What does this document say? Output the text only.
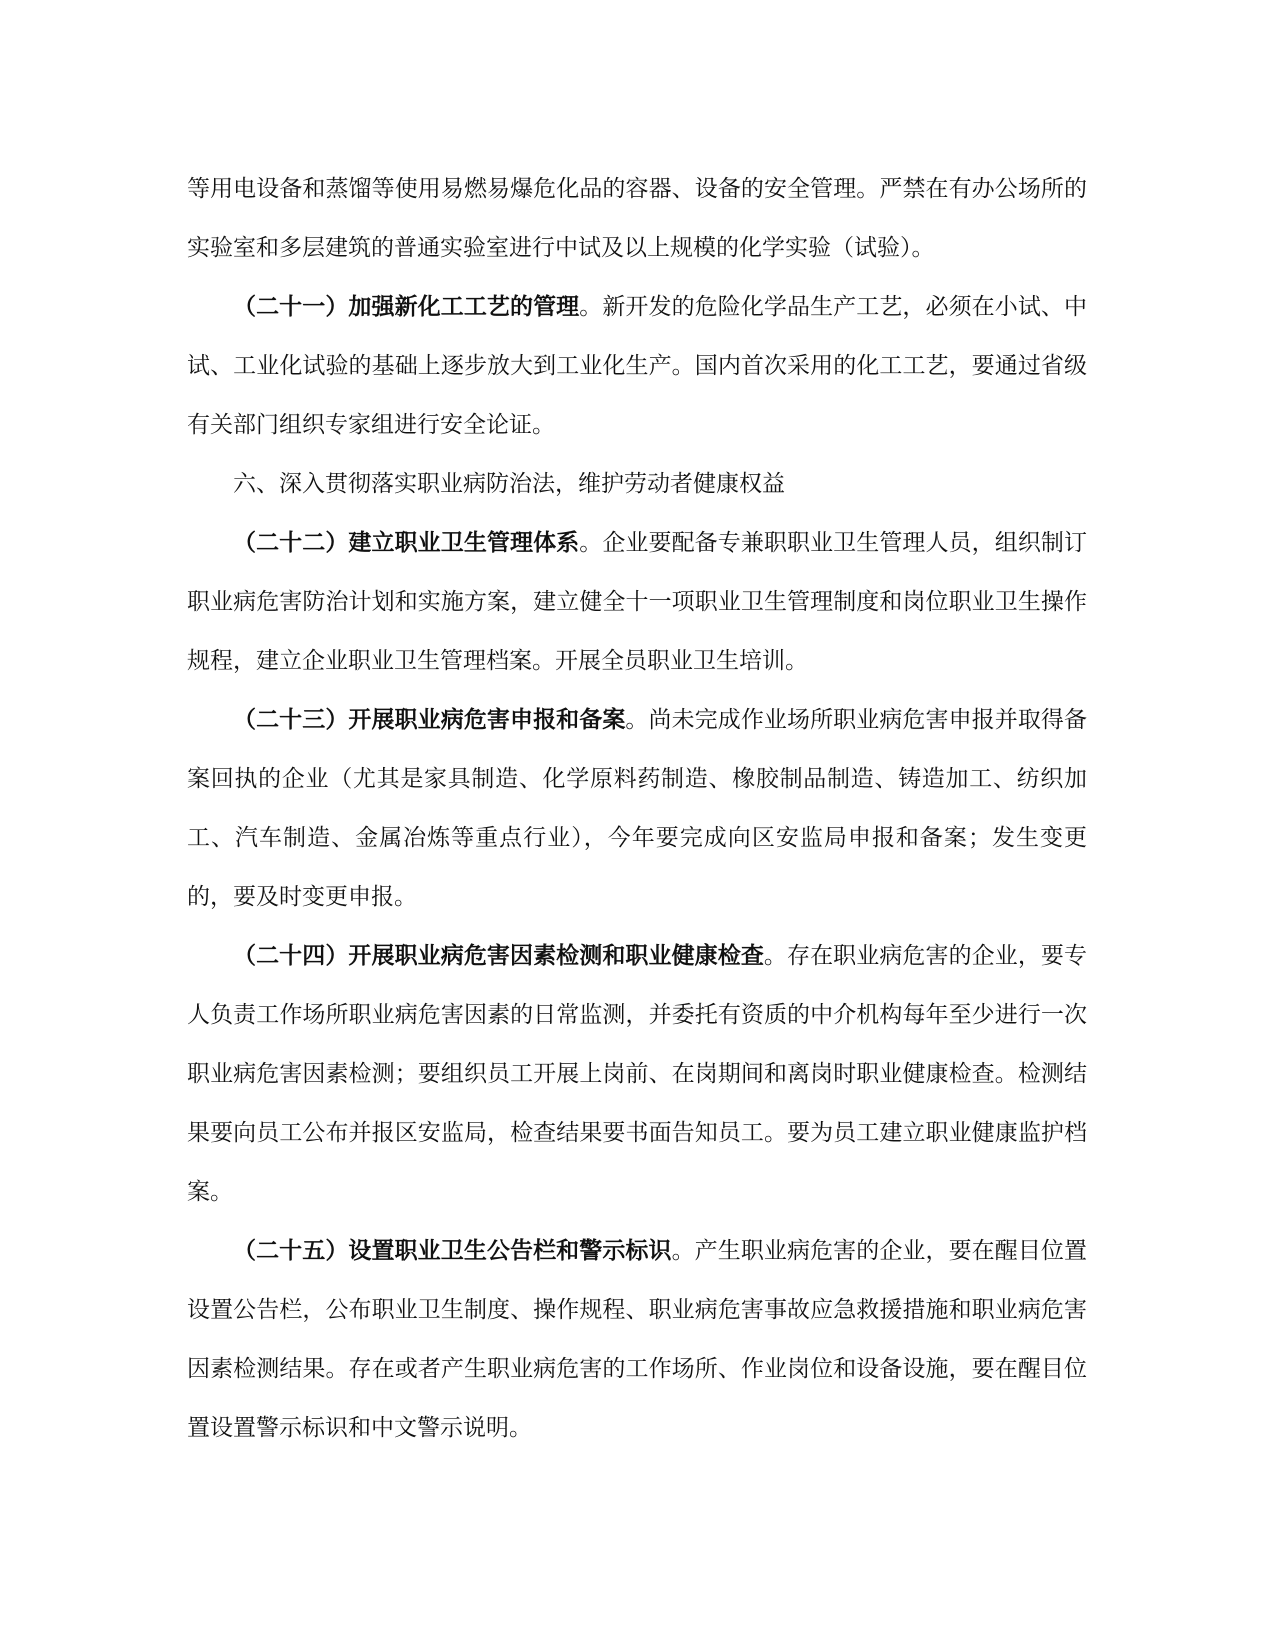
等用电设备和蒸馏等使用易燃易爆危化品的容器、设备的安全管理。严禁在有办公场所的实验室和多层建筑的普通实验室进行中试及以上规模的化学实验（试验）。

（二十一）加强新化工工艺的管理。新开发的危险化学品生产工艺，必须在小试、中试、工业化试验的基础上逐步放大到工业化生产。国内首次采用的化工工艺，要通过省级有关部门组织专家组进行安全论证。

六、深入贯彻落实职业病防治法，维护劳动者健康权益

（二十二）建立职业卫生管理体系。企业要配备专兼职职业卫生管理人员，组织制订职业病危害防治计划和实施方案，建立健全十一项职业卫生管理制度和岗位职业卫生操作规程，建立企业职业卫生管理档案。开展全员职业卫生培训。

（二十三）开展职业病危害申报和备案。尚未完成作业场所职业病危害申报并取得备案回执的企业（尤其是家具制造、化学原料药制造、橡胶制品制造、铸造加工、纺织加工、汽车制造、金属冶炼等重点行业），今年要完成向区安监局申报和备案；发生变更的，要及时变更申报。

（二十四）开展职业病危害因素检测和职业健康检查。存在职业病危害的企业，要专人负责工作场所职业病危害因素的日常监测，并委托有资质的中介机构每年至少进行一次职业病危害因素检测；要组织员工开展上岗前、在岗期间和离岗时职业健康检查。检测结果要向员工公布并报区安监局，检查结果要书面告知员工。要为员工建立职业健康监护档案。

（二十五）设置职业卫生公告栏和警示标识。产生职业病危害的企业，要在醒目位置设置公告栏，公布职业卫生制度、操作规程、职业病危害事故应急救援措施和职业病危害因素检测结果。存在或者产生职业病危害的工作场所、作业岗位和设备设施，要在醒目位置设置警示标识和中文警示说明。
